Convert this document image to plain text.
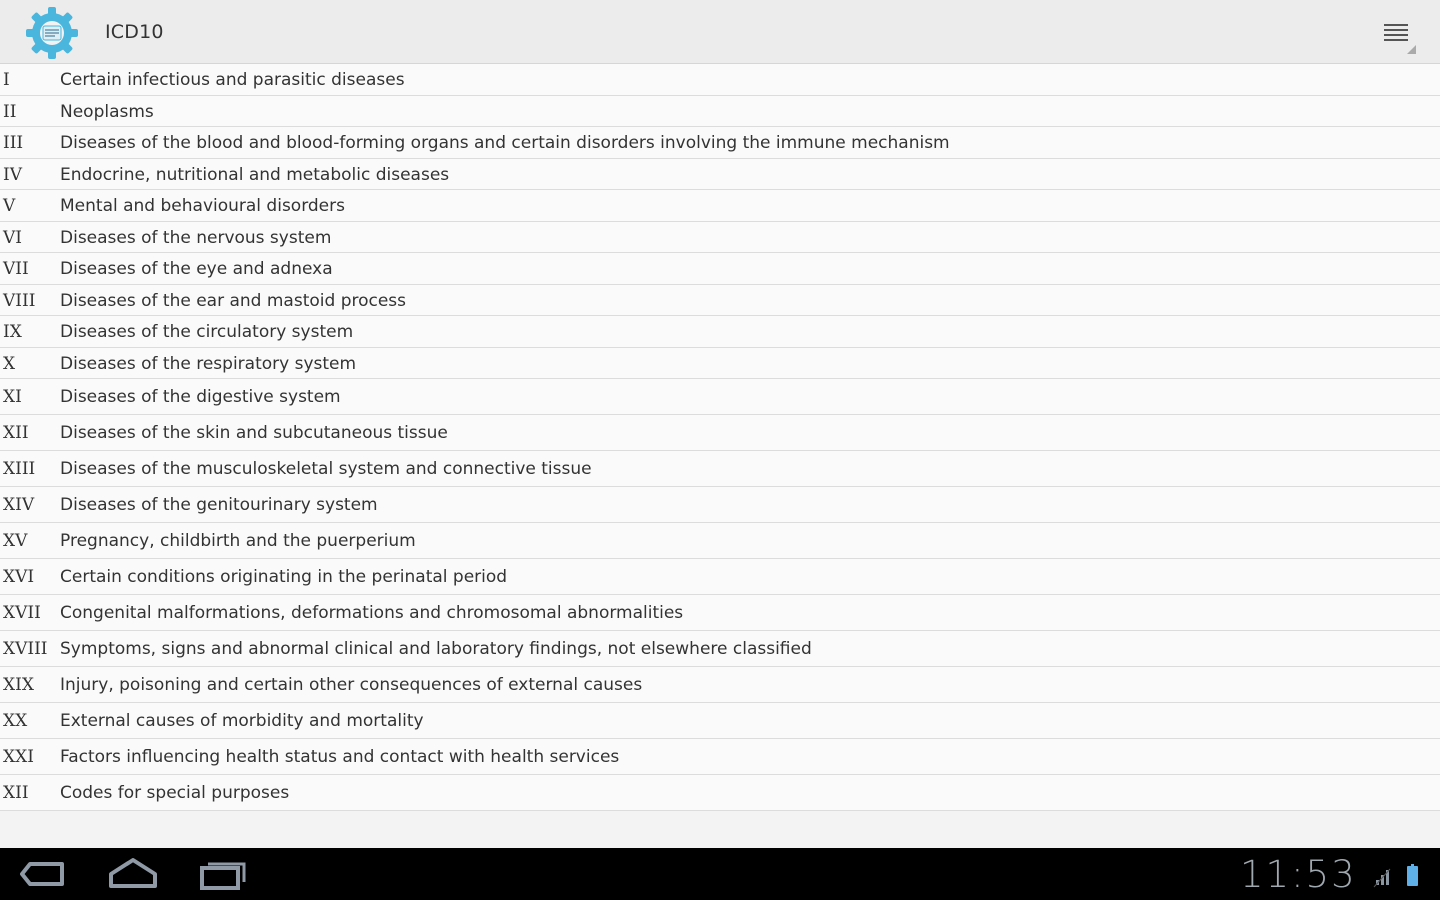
ICD10
I	Certain infectious and parasitic diseases
II	Neoplasms
III Diseases of the blood and blood-forming organs and certain disorders involving the immune mechanism
IV Endocrine, nutritional and metabolic diseases
V	Mental and behavioural disorders
VI Diseases of the nervous system
VII Diseases of the eye and adnexa
VIII Diseases of the ear and mastoid process
IX Diseases of the circulatory system
X	Diseases of the respiratory system
XI Diseases of the digestive system
XII Diseases of the skin and subcutaneous tissue
XIII Diseases of the musculoskeletal system and connective tissue
XIV Diseases of the genitourinary system
XV Pregnancy, childbirth and the puerperium
XVI Certain conditions originating in the perinatal period
XVII Congenital malformations, deformations and chromosomal abnormalities
XVIII Symptoms, signs and abnormal clinical and laboratory findings, not elsewhere classified
XIX Injury, poisoning and certain other consequences of external causes
XX External causes of morbidity and mortality
XXI Factors influencing health status and contact with health services
XII Codes for special purposes
11:53
